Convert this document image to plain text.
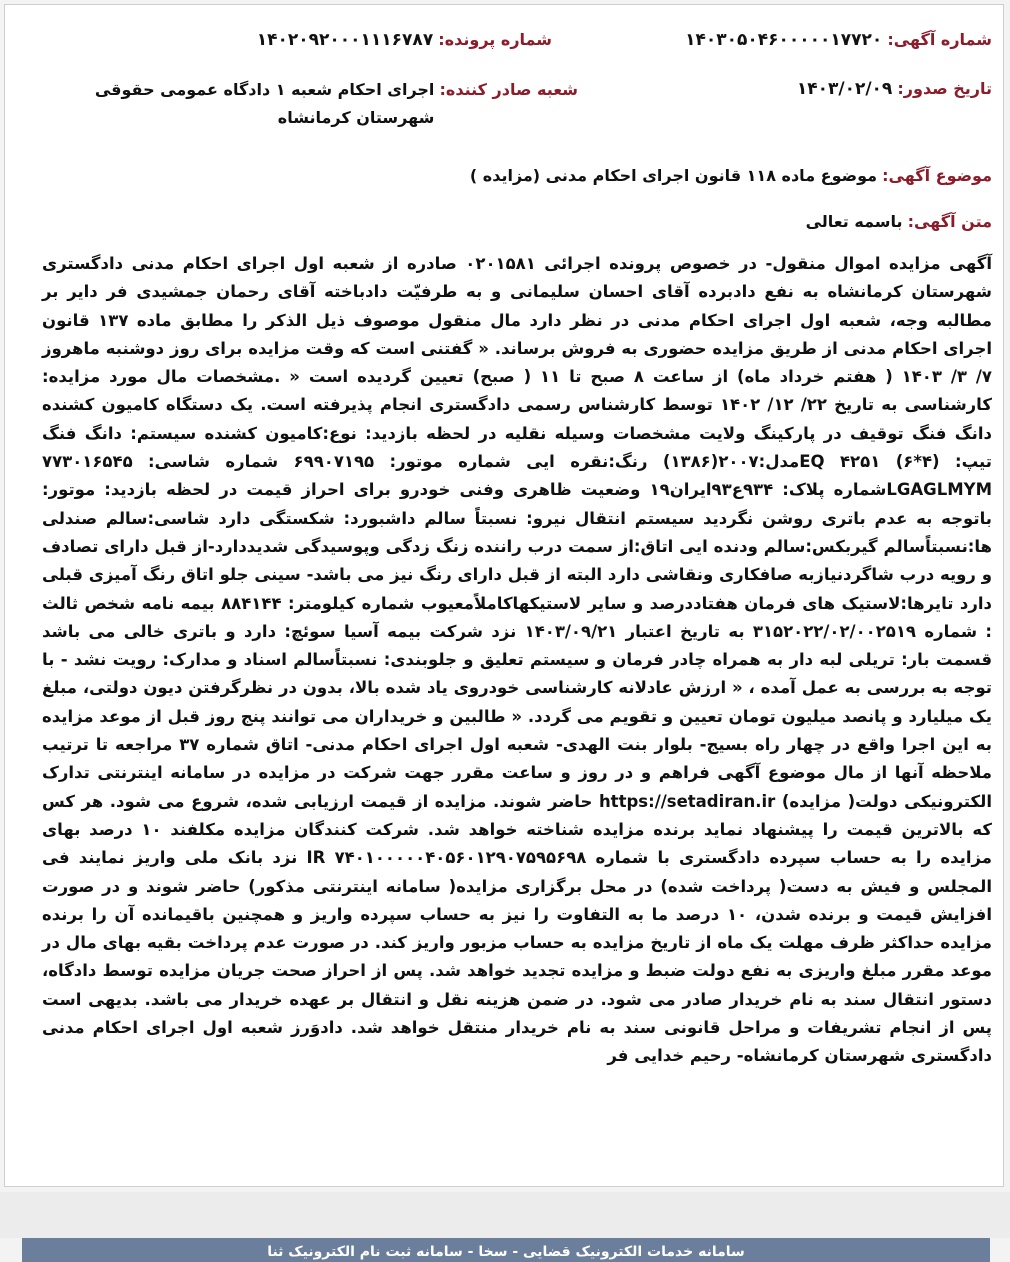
شماره آگهی: ۱۴۰۳۰۵۰۴۶۰۰۰۰۰۱۷۷۲۰
شماره پرونده: ۱۴۰۲۰۹۲۰۰۰۱۱۱۶۷۸۷
تاریخ صدور: ۱۴۰۳/۰۲/۰۹
شعبه صادر کننده: اجرای احکام شعبه ۱ دادگاه عمومی حقوقی شهرستان کرمانشاه
موضوع آگهی: موضوع ماده ۱۱۸ قانون اجرای احکام مدنی (مزایده )
متن آگهی: باسمه تعالی

آگهی مزایده اموال منقول- در خصوص پرونده اجرائی ۰۲۰۱۵۸۱ صادره از شعبه اول اجرای احکام مدنی دادگستری شهرستان کرمانشاه به نفع دادبرده آقای احسان سلیمانی و به طرفیّت دادباخته آقای رحمان جمشیدی فر دایر بر مطالبه وجه، شعبه اول اجرای احکام مدنی در نظر دارد مال منقول موصوف ذیل الذکر را مطابق ماده ۱۳۷ قانون اجرای احکام مدنی از طریق مزایده حضوری به فروش برساند. « گفتنی است که وقت مزایده برای روز دوشنبه ماهروز ۷/ ۳/ ۱۴۰۳ ( هفتم خرداد ماه) از ساعت ۸ صبح تا ۱۱ ( صبح) تعیین گردیده است « .مشخصات مال مورد مزایده: کارشناسی به تاریخ ۲۲/ ۱۲/ ۱۴۰۲ توسط کارشناس رسمی دادگستری انجام پذیرفته است. یک دستگاه کامیون کشنده دانگ فنگ توقیف در پارکینگ ولایت مشخصات وسیله نقلیه در لحظه بازدید: نوع:کامیون کشنده سیستم: دانگ فنگ تیپ: (۴*۶) EQ ۴۲۵۱مدل:۲۰۰۷(۱۳۸۶) رنگ:نقره ایی شماره موتور: ۶۹۹۰۷۱۹۵ شماره شاسی: ۷۷۳۰۱۶۵۴۵ LGAGLMYMشماره پلاک: ۹۳۴ع۹۳ایران۱۹ وضعیت ظاهری وفنی خودرو برای احراز قیمت در لحظه بازدید: موتور: باتوجه به عدم باتری روشن نگردید سیستم انتقال نیرو: نسبتاً سالم داشبورد: شکستگی دارد شاسی:سالم صندلی ها:نسبتاًسالم گیربکس:سالم ودنده ایی اتاق:از سمت درب راننده زنگ زدگی وپوسیدگی شدیددارد-از قبل دارای تصادف و رویه درب شاگردنیازبه صافکاری ونقاشی دارد البته از قبل دارای رنگ نیز می باشد- سینی جلو اتاق رنگ آمیزی قبلی دارد تایرها:لاستیک های فرمان هفتاددرصد و سایر لاستیکهاکاملاًمعیوب شماره کیلومتر: ۸۸۴۱۴۴ بیمه نامه شخص ثالث : شماره ۳۱۵۲۰۲۲/۰۲/۰۰۲۵۱۹ به تاریخ اعتبار ۱۴۰۳/۰۹/۲۱ نزد شرکت بیمه آسیا سوئچ: دارد و باتری خالی می باشد قسمت بار: تریلی لبه دار به همراه چادر فرمان و سیستم تعلیق و جلوبندی: نسبتاًسالم اسناد و مدارک: رویت نشد - با توجه به بررسی به عمل آمده ، « ارزش عادلانه کارشناسی خودروی یاد شده بالا، بدون در نظرگرفتن دیون دولتی، مبلغ یک میلیارد و پانصد میلیون تومان تعیین و تقویم می گردد. « طالبین و خریداران می توانند پنج روز قبل از موعد مزایده به این اجرا واقع در چهار راه بسیج- بلوار بنت الهدی- شعبه اول اجرای احکام مدنی- اتاق شماره ۳۷ مراجعه تا ترتیب ملاحظه آنها از مال موضوع آگهی فراهم و در روز و ساعت مقرر جهت شرکت در مزایده در سامانه اینترنتی تدارک الکترونیکی دولت( مزایده) https://setadiran.ir حاضر شوند. مزایده از قیمت ارزیابی شده، شروع می شود. هر کس که بالاترین قیمت را پیشنهاد نماید برنده مزایده شناخته خواهد شد. شرکت کنندگان مزایده مکلفند ۱۰ درصد بهای مزایده را به حساب سپرده دادگستری با شماره IR ۷۴۰۱۰۰۰۰۰۴۰۵۶۰۱۲۹۰۷۵۹۵۶۹۸ نزد بانک ملی واریز نمایند فی المجلس و فیش به دست( پرداخت شده) در محل برگزاری مزایده( سامانه اینترنتی مذکور) حاضر شوند و در صورت افزایش قیمت و برنده شدن، ۱۰ درصد ما به التفاوت را نیز به حساب سپرده واریز و همچنین باقیمانده آن را برنده مزایده حداکثر ظرف مهلت یک ماه از تاریخ مزایده به حساب مزبور واریز کند. در صورت عدم پرداخت بقیه بهای مال در موعد مقرر مبلغ واریزی به نفع دولت ضبط و مزایده تجدید خواهد شد. پس از احراز صحت جریان مزایده توسط دادگاه، دستور انتقال سند به نام خریدار صادر می شود. در ضمن هزینه نقل و انتقال بر عهده خریدار می باشد. بدیهی است پس از انجام تشریفات و مراحل قانونی سند به نام خریدار منتقل خواهد شد. دادوَرز شعبه اول اجرای احکام مدنی دادگستری شهرستان کرمانشاه- رحیم خدایی فر

سامانه خدمات الکترونیک قضایی - سخا - سامانه ثبت نام الکترونیک ثنا
